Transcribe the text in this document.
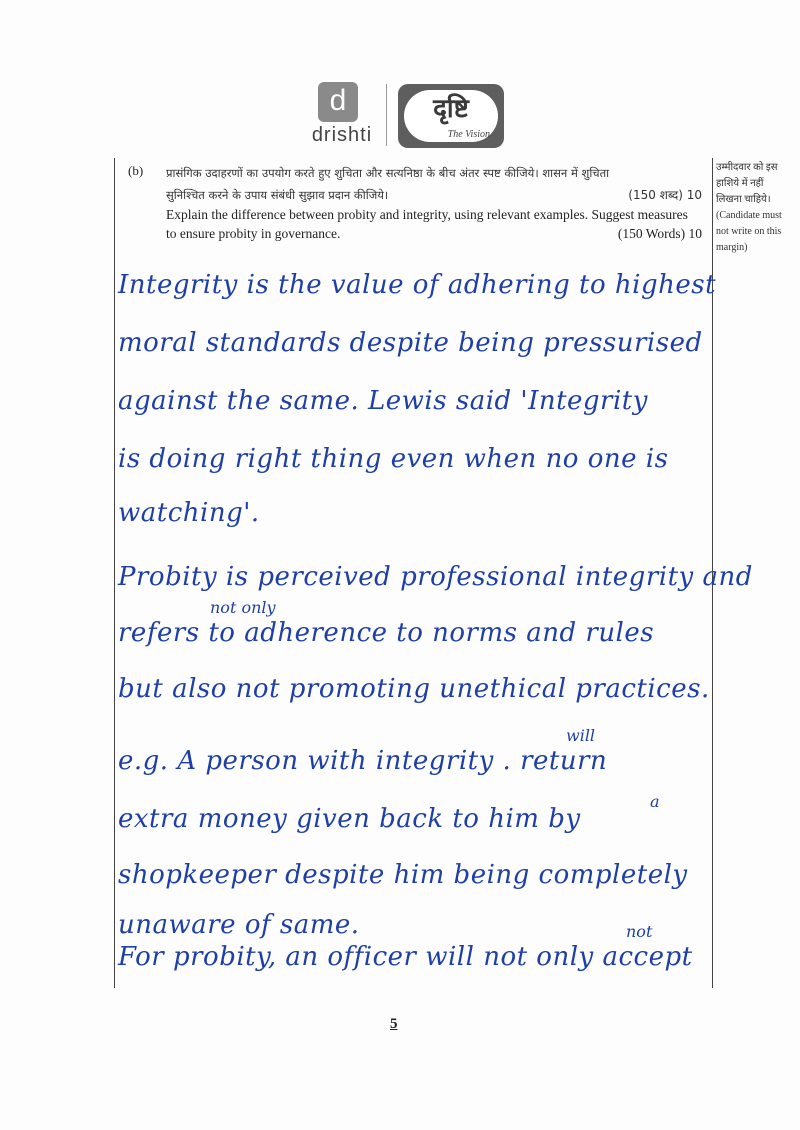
d
drishti
दृष्टि
The Vision
उम्मीदवार को इस
हाशिये में नहीं
लिखना चाहिये।
(Candidate must
not write on this
margin)
(b) प्रासंगिक उदाहरणों का उपयोग करते हुए शुचिता और सत्यनिष्ठा के बीच अंतर स्पष्ट कीजिये। शासन में शुचिता
सुनिश्चित करने के उपाय संबंधी सुझाव प्रदान कीजिये।	(150 शब्द) 10
Explain the difference between probity and integrity, using relevant examples. Suggest measures
to ensure probity in governance.	(150 Words) 10
Integrity is the value of adhering to highest
moral standards despite being pressurised
against the same. Lewis said 'Integrity
is doing right thing even when no one is
watching'.
Probity is perceived professional integrity and
not only
refers to adherence to norms and rules
but also not promoting unethical practices.
will
e.g. A person with integrity . return
extra money given back to him by
a
shopkeeper despite him being completely
unaware of same.	not
For probity, an officer will not only accept
5
